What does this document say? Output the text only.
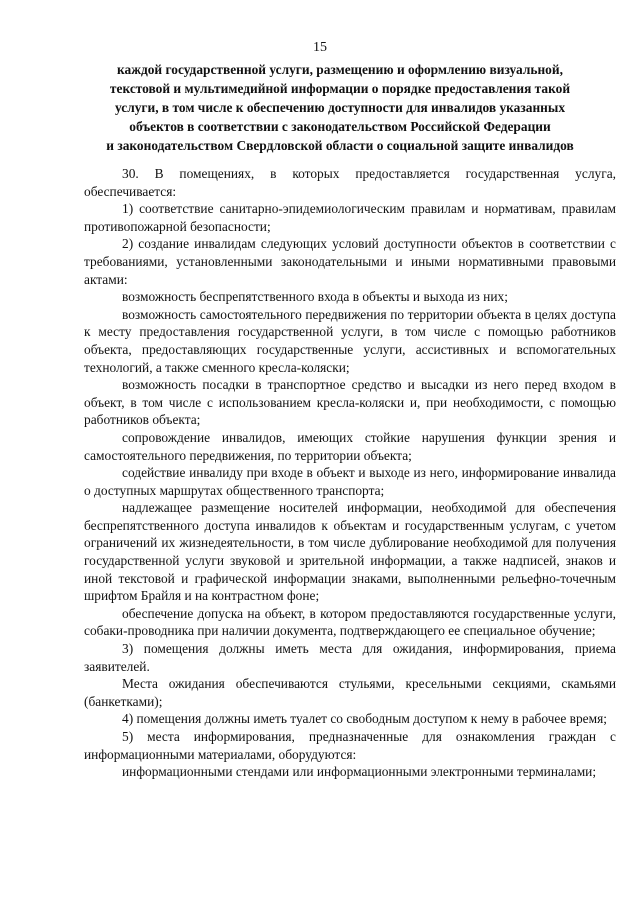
15
каждой государственной услуги, размещению и оформлению визуальной,
текстовой и мультимедийной информации о порядке предоставления такой
услуги, в том числе к обеспечению доступности для инвалидов указанных
объектов в соответствии с законодательством Российской Федерации
и законодательством Свердловской области о социальной защите инвалидов

30. В помещениях, в которых предоставляется государственная услуга, обеспечивается:

1) соответствие санитарно-эпидемиологическим правилам и нормативам, правилам противопожарной безопасности;

2) создание инвалидам следующих условий доступности объектов в соответствии с требованиями, установленными законодательными и иными нормативными правовыми актами:

возможность беспрепятственного входа в объекты и выхода из них;

возможность самостоятельного передвижения по территории объекта в целях доступа к месту предоставления государственной услуги, в том числе с помощью работников объекта, предоставляющих государственные услуги, ассистивных и вспомогательных технологий, а также сменного кресла-коляски;

возможность посадки в транспортное средство и высадки из него перед входом в объект, в том числе с использованием кресла-коляски и, при необходимости, с помощью работников объекта;

сопровождение инвалидов, имеющих стойкие нарушения функции зрения и самостоятельного передвижения, по территории объекта;

содействие инвалиду при входе в объект и выходе из него, информирование инвалида о доступных маршрутах общественного транспорта;

надлежащее размещение носителей информации, необходимой для обеспечения беспрепятственного доступа инвалидов к объектам и государственным услугам, с учетом ограничений их жизнедеятельности, в том числе дублирование необходимой для получения государственной услуги звуковой и зрительной информации, а также надписей, знаков и иной текстовой и графической информации знаками, выполненными рельефно-точечным шрифтом Брайля и на контрастном фоне;

обеспечение допуска на объект, в котором предоставляются государственные услуги, собаки-проводника при наличии документа, подтверждающего ее специальное обучение;

3) помещения должны иметь места для ожидания, информирования, приема заявителей.

Места ожидания обеспечиваются стульями, кресельными секциями, скамьями (банкетками);

4) помещения должны иметь туалет со свободным доступом к нему в рабочее время;

5) места информирования, предназначенные для ознакомления граждан с информационными материалами, оборудуются:

информационными стендами или информационными электронными терминалами;
